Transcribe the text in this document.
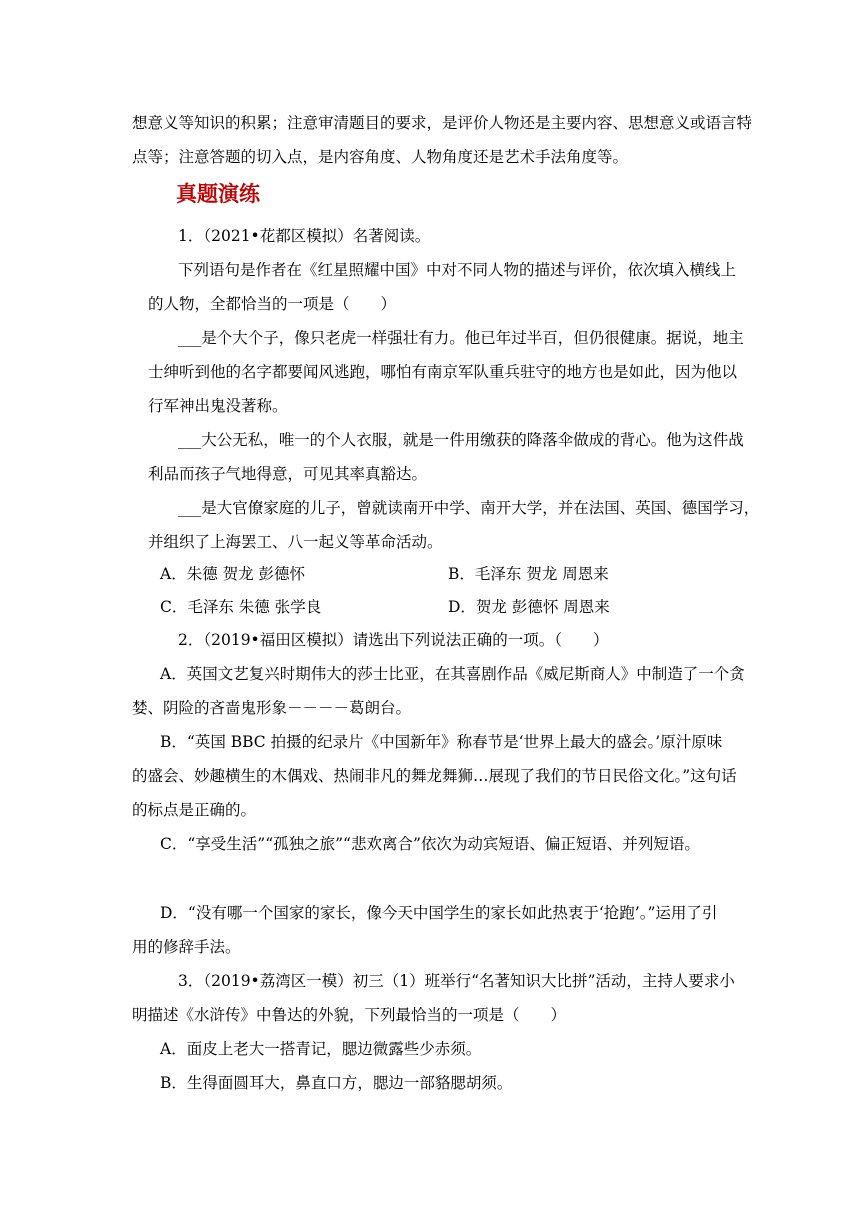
想意义等知识的积累；注意审清题目的要求，是评价人物还是主要内容、思想意义或语言特

点等；注意答题的切入点，是内容角度、人物角度还是艺术手法角度等。

真题演练

1．（2021•花都区模拟）名著阅读。

下列语句是作者在《红星照耀中国》中对不同人物的描述与评价，依次填入横线上

的人物，全都恰当的一项是（　　）

___是个大个子，像只老虎一样强壮有力。他已年过半百，但仍很健康。据说，地主

士绅听到他的名字都要闻风逃跑，哪怕有南京军队重兵驻守的地方也是如此，因为他以

行军神出鬼没著称。

___大公无私，唯一的个人衣服，就是一件用缴获的降落伞做成的背心。他为这件战

利品而孩子气地得意，可见其率真豁达。

___是大官僚家庭的儿子，曾就读南开中学、南开大学，并在法国、英国、德国学习，

并组织了上海罢工、八一起义等革命活动。

A．朱德 贺龙 彭德怀	B．毛泽东 贺龙 周恩来

C．毛泽东 朱德 张学良	D．贺龙 彭德怀 周恩来

2．（2019•福田区模拟）请选出下列说法正确的一项。（　　）

A．英国文艺复兴时期伟大的莎士比亚，在其喜剧作品《威尼斯商人》中制造了一个贪

婪、阴险的吝啬鬼形象－－－－葛朗台。

B．“英国 BBC 拍摄的纪录片《中国新年》称春节是‘世界上最大的盛会。’原汁原味

的盛会、妙趣横生的木偶戏、热闹非凡的舞龙舞狮…展现了我们的节日民俗文化。”这句话

的标点是正确的。

C．“享受生活”“孤独之旅”“悲欢离合”依次为动宾短语、偏正短语、并列短语。

D．“没有哪一个国家的家长，像今天中国学生的家长如此热衷于‘抢跑’。”运用了引

用的修辞手法。

3．（2019•荔湾区一模）初三（1）班举行“名著知识大比拼”活动，主持人要求小

明描述《水浒传》中鲁达的外貌，下列最恰当的一项是（　　）

A．面皮上老大一搭青记，腮边微露些少赤须。

B．生得面圆耳大，鼻直口方，腮边一部貉腮胡须。
